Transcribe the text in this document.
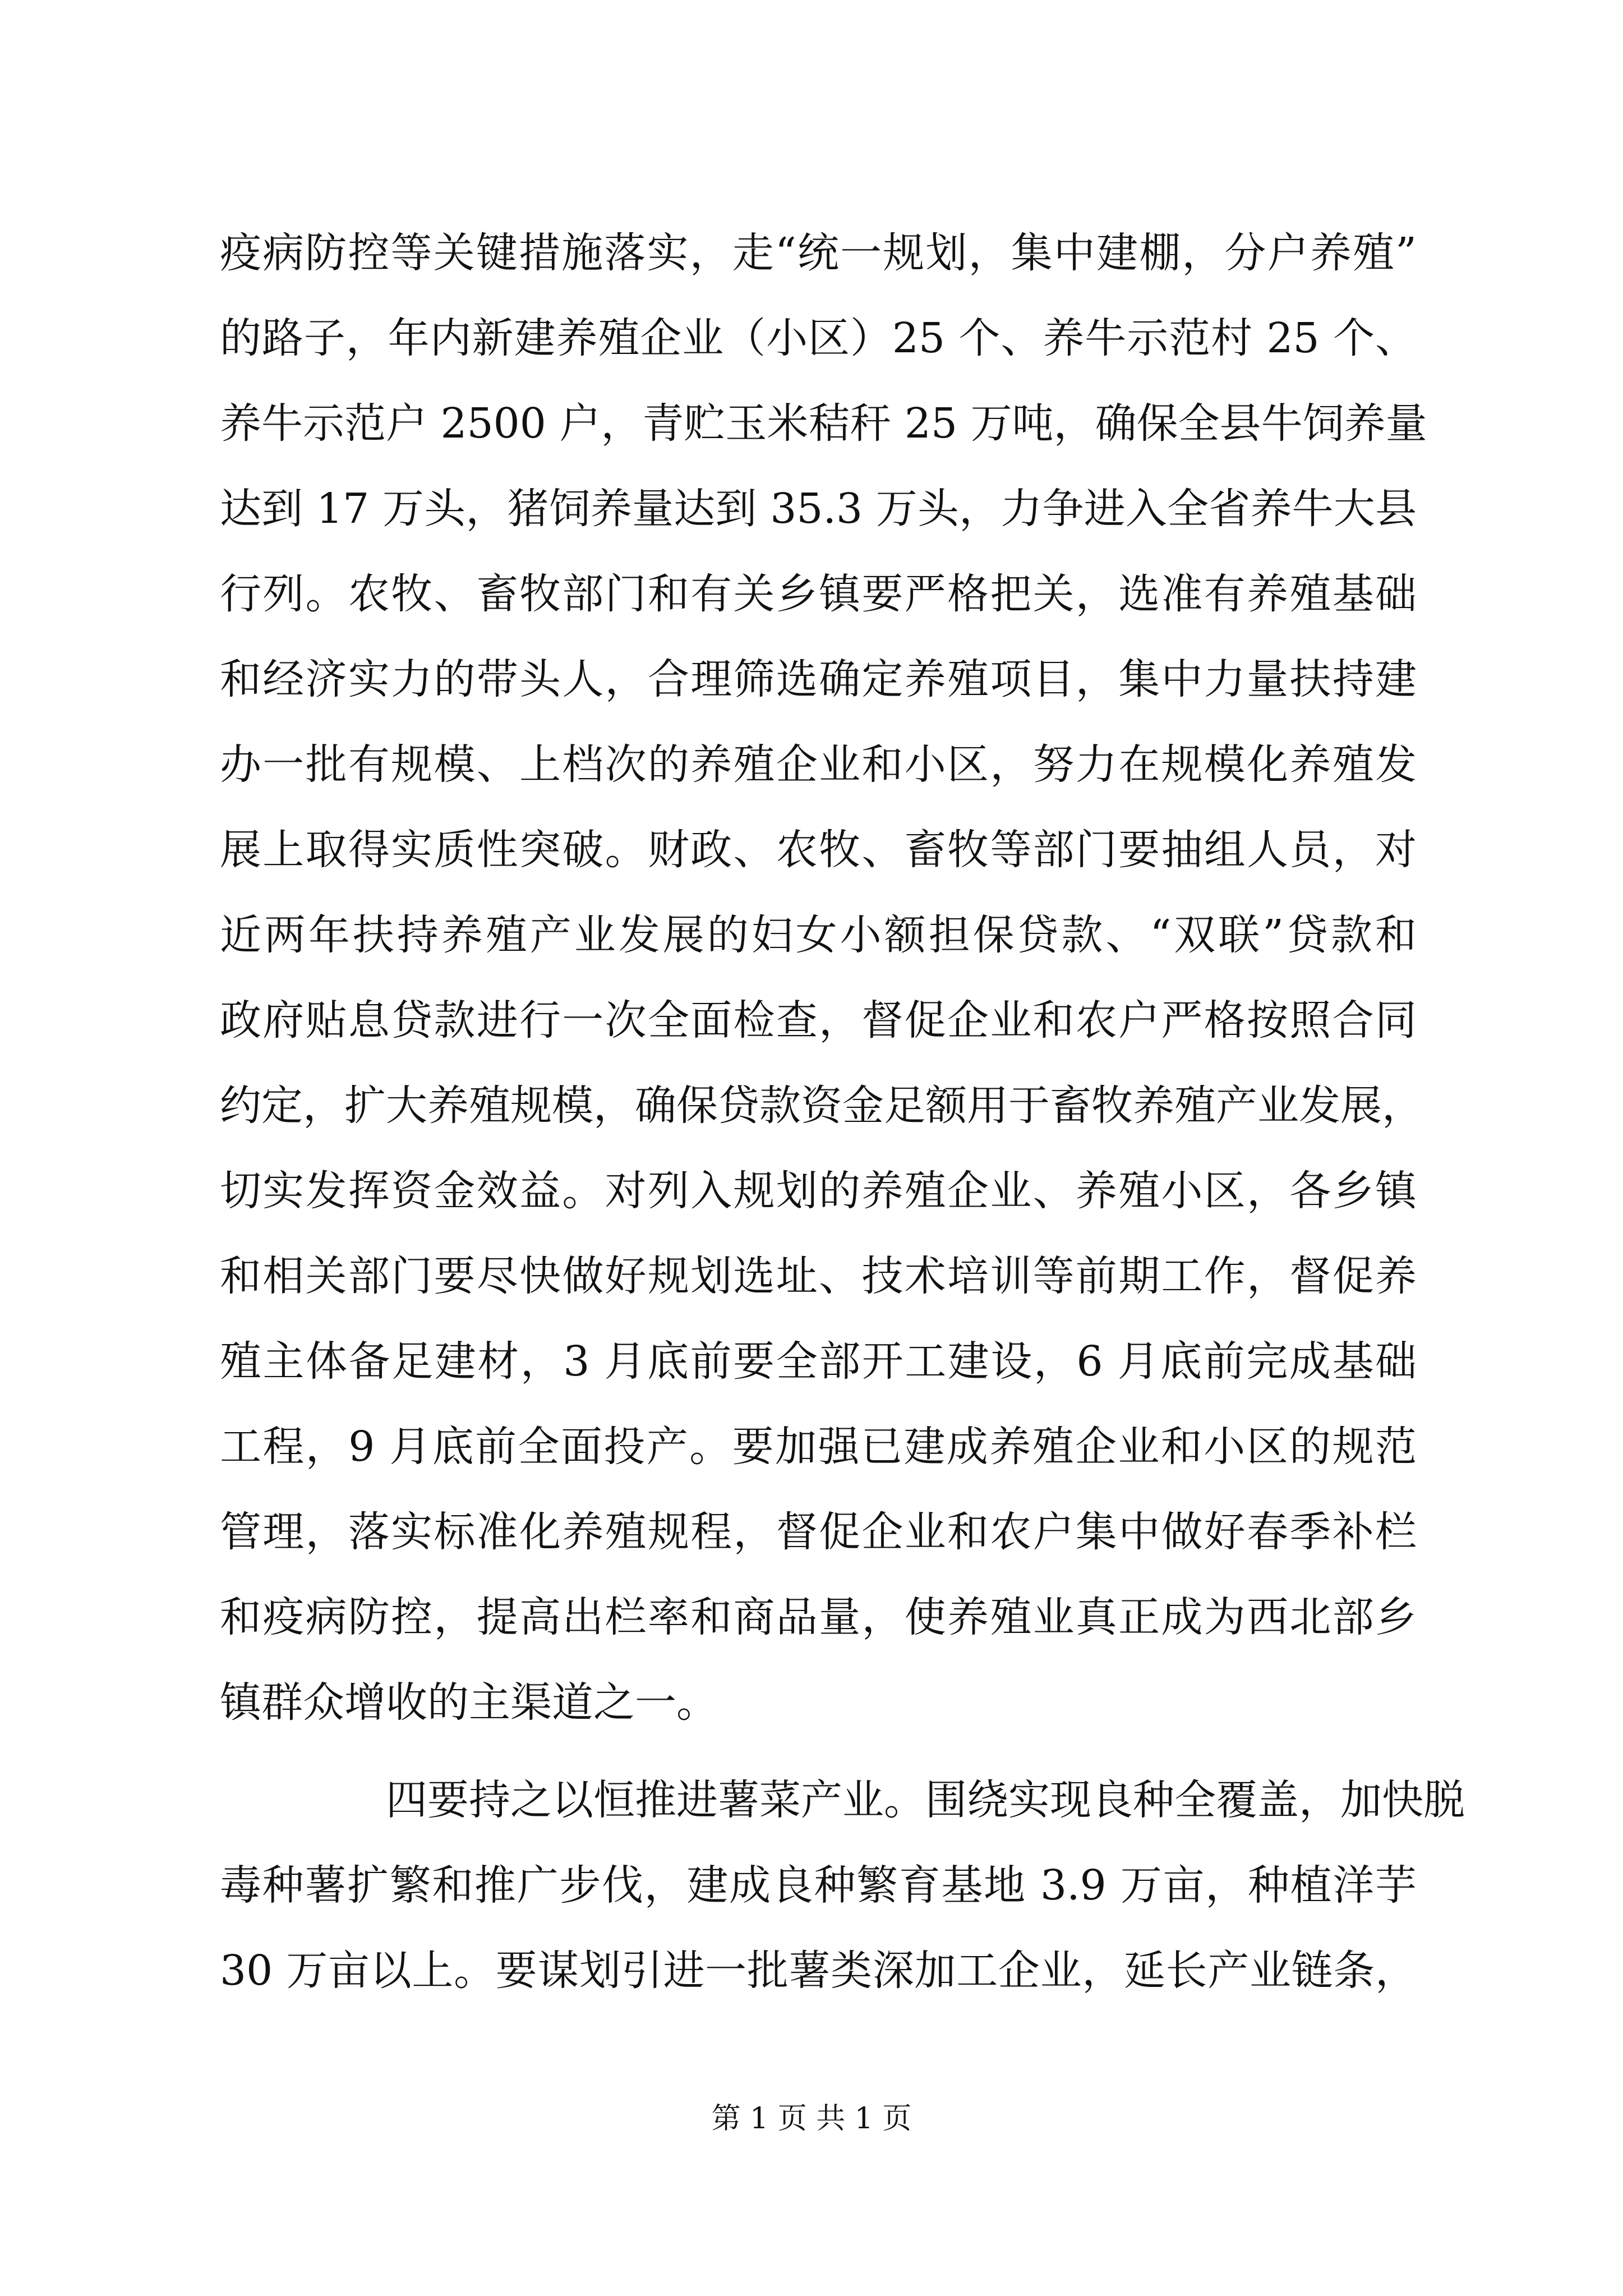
疫病防控等关键措施落实，走“统一规划，集中建棚，分户养殖”
的路子，年内新建养殖企业（小区）25 个、养牛示范村 25 个、
养牛示范户 2500 户，青贮玉米秸秆 25 万吨，确保全县牛饲养量
达到 17 万头，猪饲养量达到 35.3 万头，力争进入全省养牛大县
行列。农牧、畜牧部门和有关乡镇要严格把关，选准有养殖基础
和经济实力的带头人，合理筛选确定养殖项目，集中力量扶持建
办一批有规模、上档次的养殖企业和小区，努力在规模化养殖发
展上取得实质性突破。财政、农牧、畜牧等部门要抽组人员，对
近两年扶持养殖产业发展的妇女小额担保贷款、“双联”贷款和
政府贴息贷款进行一次全面检查，督促企业和农户严格按照合同
约定，扩大养殖规模，确保贷款资金足额用于畜牧养殖产业发展，
切实发挥资金效益。对列入规划的养殖企业、养殖小区，各乡镇
和相关部门要尽快做好规划选址、技术培训等前期工作，督促养
殖主体备足建材，3 月底前要全部开工建设，6 月底前完成基础
工程，9 月底前全面投产。要加强已建成养殖企业和小区的规范
管理，落实标准化养殖规程，督促企业和农户集中做好春季补栏
和疫病防控，提高出栏率和商品量，使养殖业真正成为西北部乡
镇群众增收的主渠道之一。
四要持之以恒推进薯菜产业。围绕实现良种全覆盖，加快脱
毒种薯扩繁和推广步伐，建成良种繁育基地 3.9 万亩，种植洋芋
30 万亩以上。要谋划引进一批薯类深加工企业，延长产业链条，
第 1 页 共 1 页
